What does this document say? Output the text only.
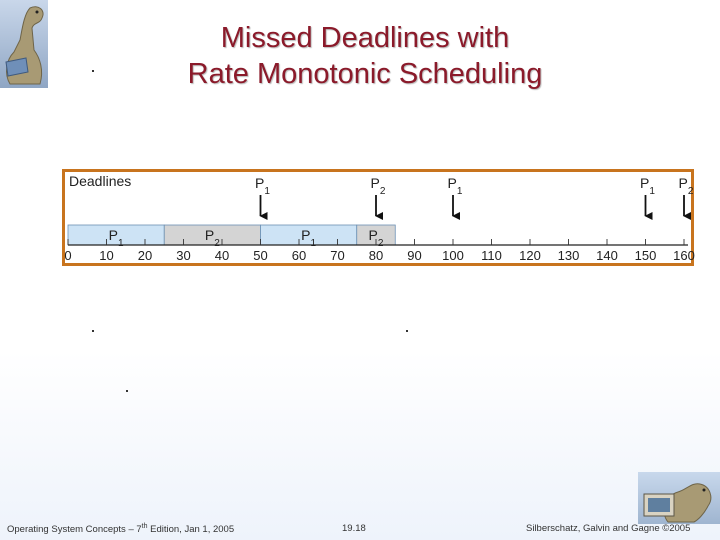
Missed Deadlines with
Rate Monotonic Scheduling
Deadlines	$P_1$	$P_2$	$P_1$	$P_1$ $P_2$
$P_1$	$P_2$	$P_1$	$P_2$
0 10 20 30 40 50 60 70 80 90 100 110 120 130 140 150 160
Operating System Concepts – 7th Edition, Jan 1, 2005	19.18	Silberschatz, Galvin and Gagne ©2005
